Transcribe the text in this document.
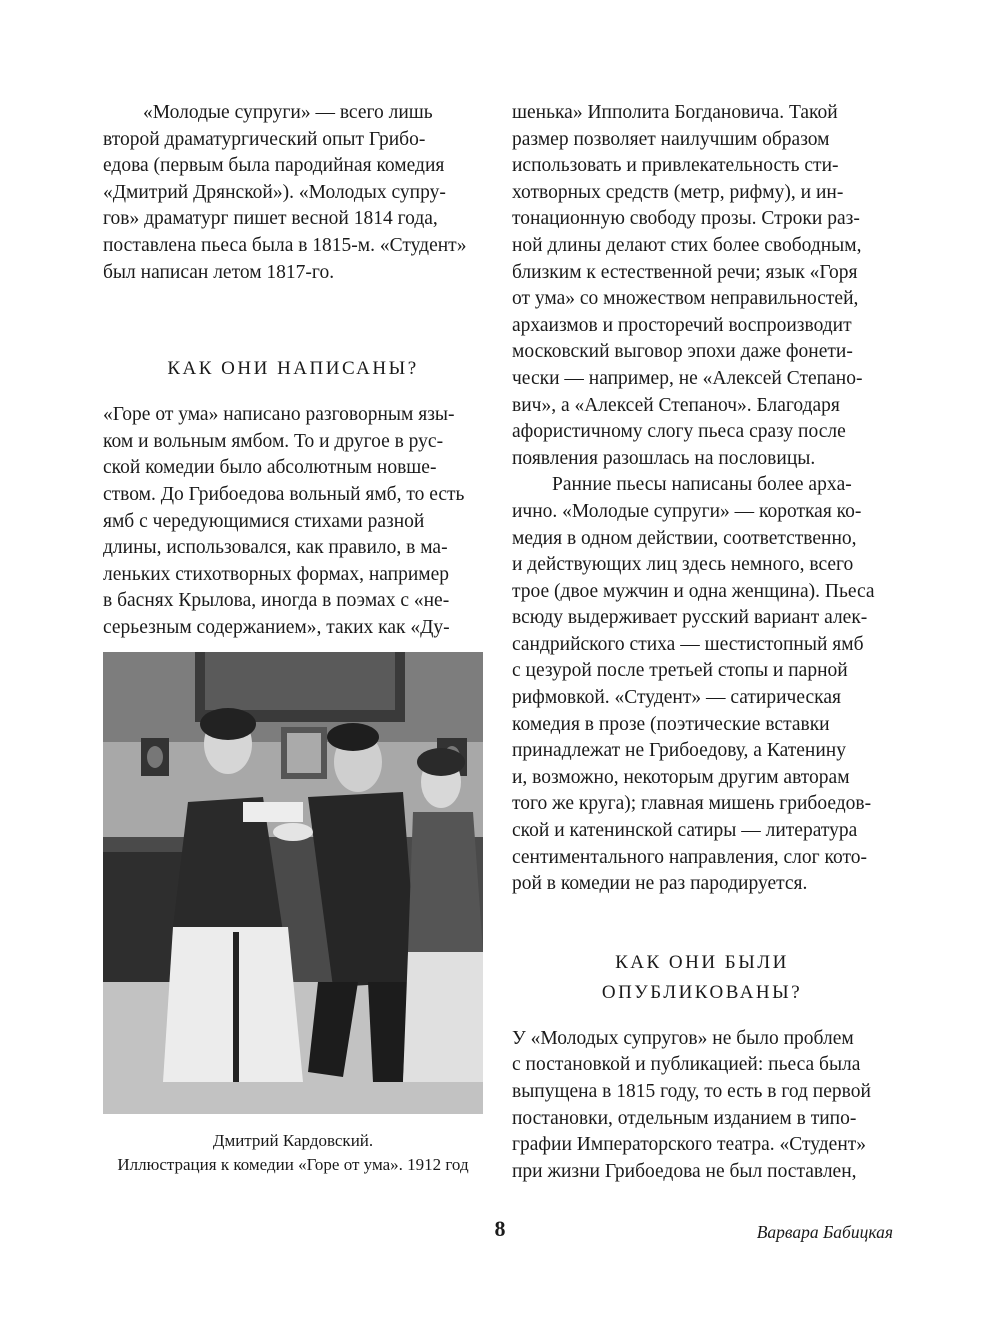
«Молодые супруги» — всего лишь
второй драматургический опыт Грибо-
едова (первым была пародийная комедия
«Дмитрий Дрянской»). «Молодых супру-
гов» драматург пишет весной 1814 года,
поставлена пьеса была в 1815-м. «Студент»
был написан летом 1817-го.
КАК ОНИ НАПИСАНЫ?
«Горе от ума» написано разговорным язы-
ком и вольным ямбом. То и другое в рус-
ской комедии было абсолютным новше-
ством. До Грибоедова вольный ямб, то есть
ямб с чередующимися стихами разной
длины, использовался, как правило, в ма-
леньких стихотворных формах, например
в баснях Крылова, иногда в поэмах с «не-
серьезным содержанием», таких как «Ду-
Дмитрий Кардовский.
Иллюстрация к комедии «Горе от ума». 1912 год
шенька» Ипполита Богдановича. Такой
размер позволяет наилучшим образом
использовать и привлекательность сти-
хотворных средств (метр, рифму), и ин-
тонационную свободу прозы. Строки раз-
ной длины делают стих более свободным,
близким к естественной речи; язык «Горя
от ума» со множеством неправильностей,
архаизмов и просторечий воспроизводит
московский выговор эпохи даже фонети-
чески — например, не «Алексей Степано-
вич», а «Алексей Степаноч». Благодаря
афористичному слогу пьеса сразу после
появления разошлась на пословицы.
Ранние пьесы написаны более архa-
ично. «Молодые супруги» — короткая ко-
медия в одном действии, соответственно,
и действующих лиц здесь немного, всего
трое (двое мужчин и одна женщина). Пьеса
всюду выдерживает русский вариант алек-
сандрийского стиха — шестистопный ямб
с цезурой после третьей стопы и парной
рифмовкой. «Студент» — сатирическая
комедия в прозе (поэтические вставки
принадлежат не Грибоедову, а Катенину
и, возможно, некоторым другим авторам
того же круга); главная мишень грибоедов-
ской и катенинской сатиры — литература
сентиментального направления, слог кото-
рой в комедии не раз пародируется.
КАК ОНИ БЫЛИ
ОПУБЛИКОВАНЫ?
У «Молодых супругов» не было проблем
с постановкой и публикацией: пьеса была
выпущена в 1815 году, то есть в год первой
постановки, отдельным изданием в типо-
графии Императорского театра. «Студент»
при жизни Грибоедова не был поставлен,
8	Варвара Бабицкая
